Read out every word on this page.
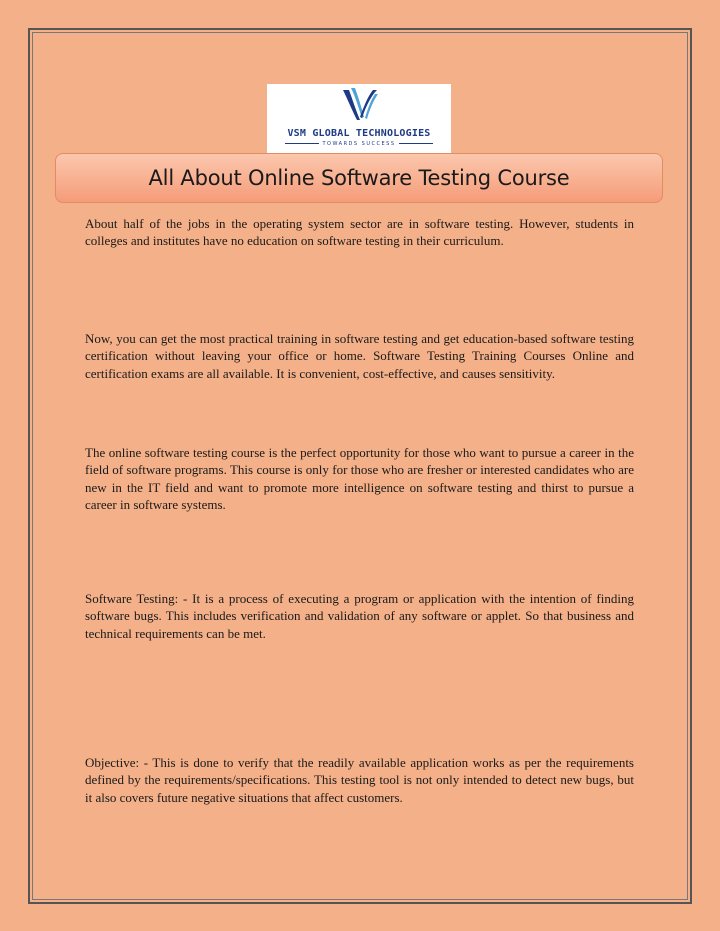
VSM GLOBAL TECHNOLOGIES
TOWARDS SUCCESS
All About Online Software Testing Course

About half of the jobs in the operating system sector are in software testing. However, students in colleges and institutes have no education on software testing in their curriculum.

Now, you can get the most practical training in software testing and get education-based software testing certification without leaving your office or home. Software Testing Training Courses Online and certification exams are all available. It is convenient, cost-effective, and causes sensitivity.

The online software testing course is the perfect opportunity for those who want to pursue a career in the field of software programs. This course is only for those who are fresher or interested candidates who are new in the IT field and want to promote more intelligence on software testing and thirst to pursue a career in software systems.

Software Testing: - It is a process of executing a program or application with the intention of finding software bugs. This includes verification and validation of any software or applet. So that business and technical requirements can be met.

Objective: - This is done to verify that the readily available application works as per the requirements defined by the requirements/specifications. This testing tool is not only intended to detect new bugs, but it also covers future negative situations that affect customers.
